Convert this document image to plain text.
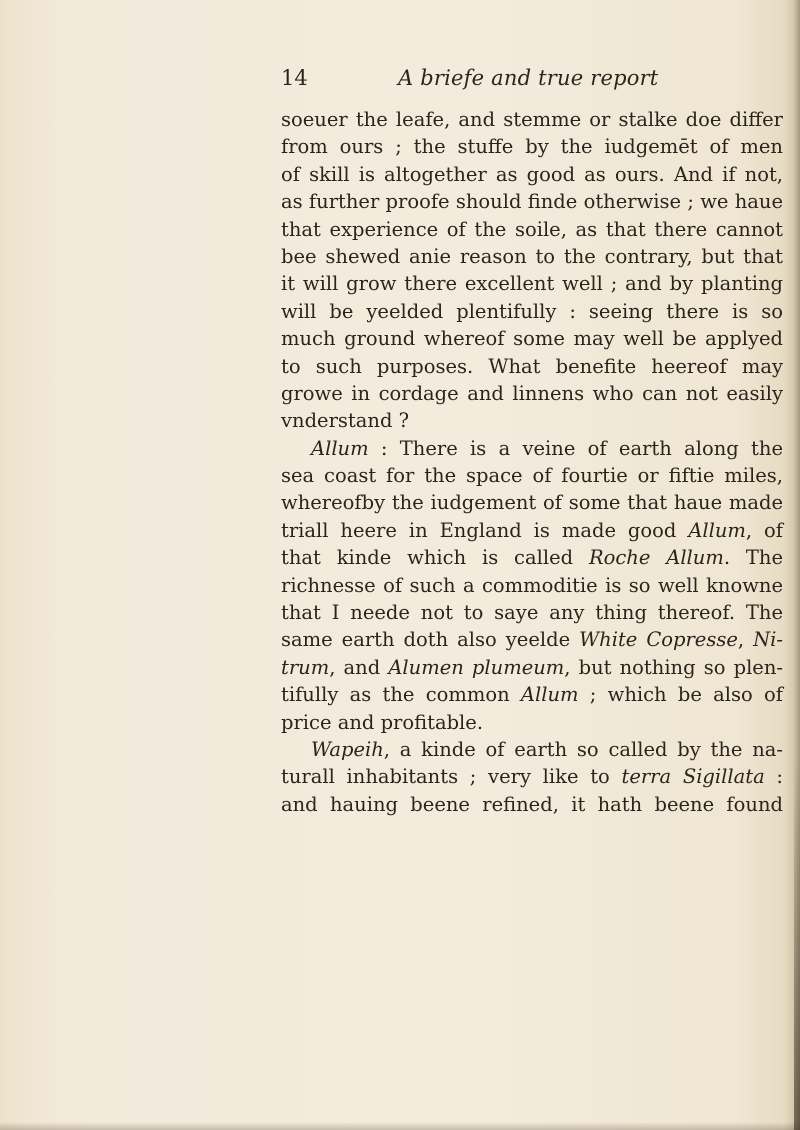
14	A briefe and true report
soeuer the leafe, and stemme or stalke doe differ
from ours ; the stuffe by the iudgemēt of men
of skill is altogether as good as ours. And if not,
as further proofe should finde otherwise ; we haue
that experience of the soile, as that there cannot
bee shewed anie reason to the contrary, but that
it will grow there excellent well ; and by planting
will be yeelded plentifully : seeing there is so
much ground whereof some may well be applyed
to such purposes. What benefite heereof may
growe in cordage and linnens who can not easily
vnderstand ?
Allum : There is a veine of earth along the
sea coast for the space of fourtie or fiftie miles,
whereofby the iudgement of some that haue made
triall heere in England is made good Allum, of
that kinde which is called Roche Allum. The
richnesse of such a commoditie is so well knowne
that I neede not to saye any thing thereof. The
same earth doth also yeelde White Copresse, Ni-
trum, and Alumen plumeum, but nothing so plen-
tifully as the common Allum ; which be also of
price and profitable.
Wapeih, a kinde of earth so called by the na-
turall inhabitants ; very like to terra Sigillata :
and hauing beene refined, it hath beene found
